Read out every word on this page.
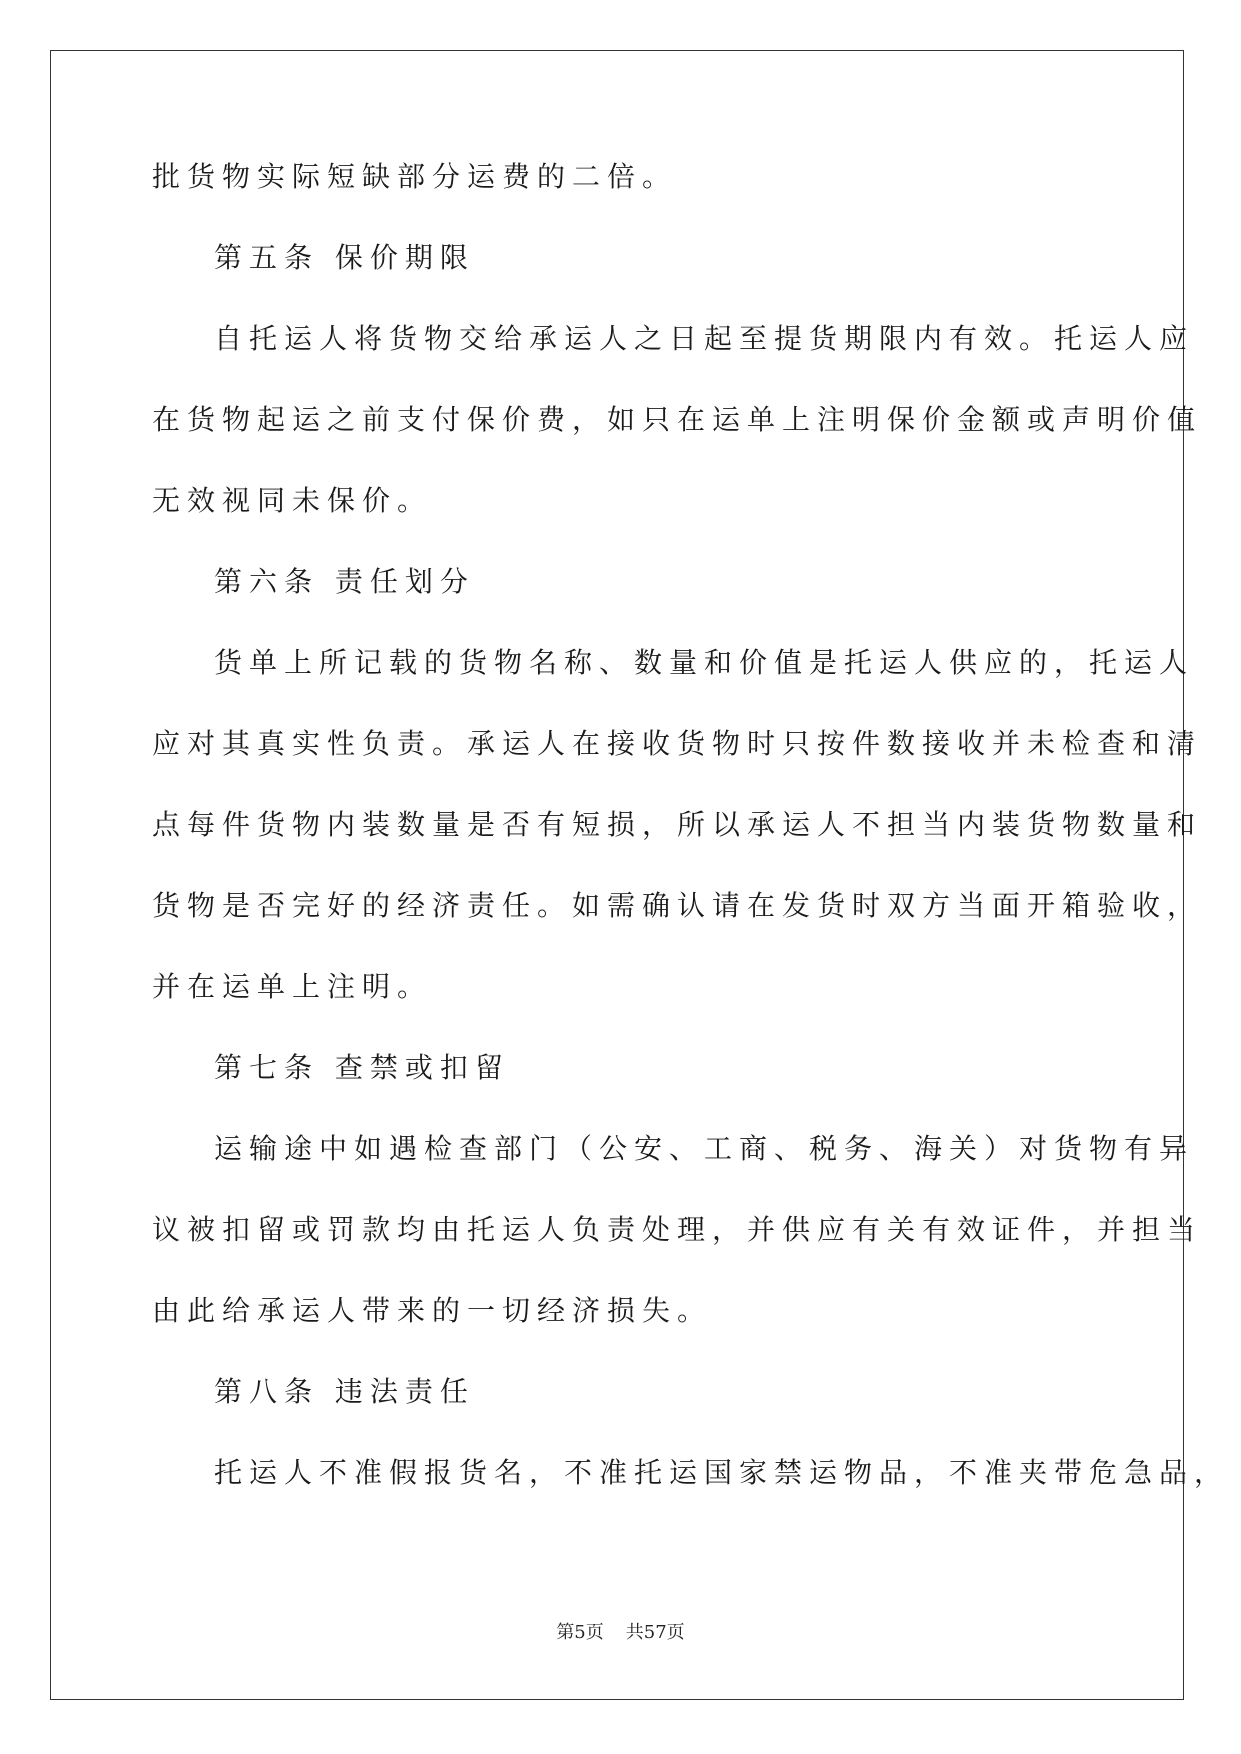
批货物实际短缺部分运费的二倍。
第五条 保价期限
自托运人将货物交给承运人之日起至提货期限内有效。托运人应
在货物起运之前支付保价费，如只在运单上注明保价金额或声明价值
无效视同未保价。
第六条 责任划分
货单上所记载的货物名称、数量和价值是托运人供应的，托运人
应对其真实性负责。承运人在接收货物时只按件数接收并未检查和清
点每件货物内装数量是否有短损，所以承运人不担当内装货物数量和
货物是否完好的经济责任。如需确认请在发货时双方当面开箱验收，
并在运单上注明。
第七条 查禁或扣留
运输途中如遇检查部门（公安、工商、税务、海关）对货物有异
议被扣留或罚款均由托运人负责处理，并供应有关有效证件，并担当
由此给承运人带来的一切经济损失。
第八条 违法责任
托运人不准假报货名，不准托运国家禁运物品，不准夹带危急品，
第5页 共57页
